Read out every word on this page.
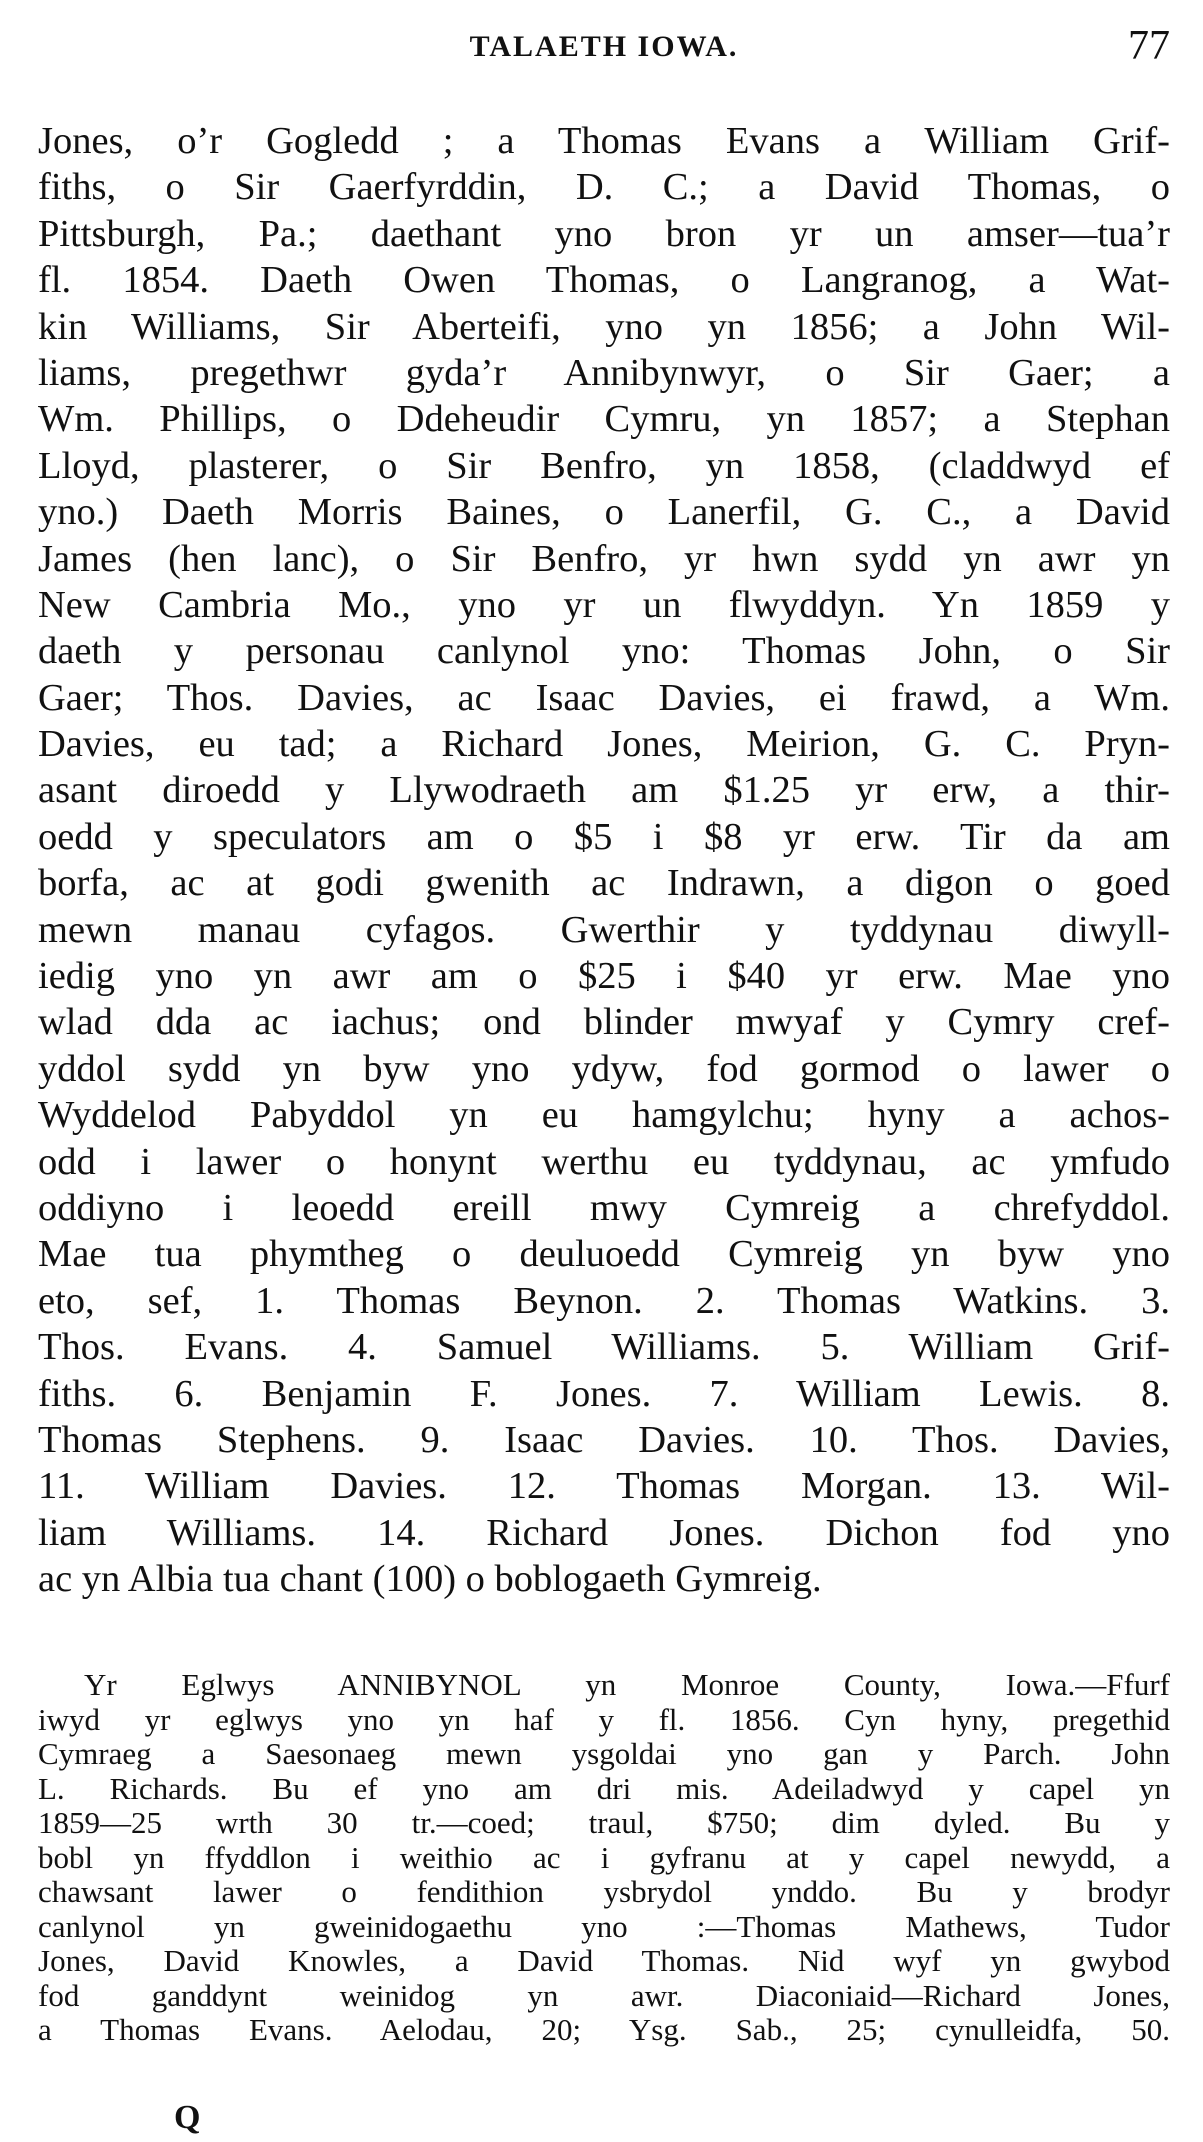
TALAETH IOWA.	77
Jones, o’r Gogledd ; a Thomas Evans a William Grif-
fiths, o Sir Gaerfyrddin, D. C.; a David Thomas, o
Pittsburgh, Pa.; daethant yno bron yr un amser—tua’r
fl. 1854. Daeth Owen Thomas, o Langranog, a Wat-
kin Williams, Sir Aberteifi, yno yn 1856; a John Wil-
liams, pregethwr gyda’r Annibynwyr, o Sir Gaer; a
Wm. Phillips, o Ddeheudir Cymru, yn 1857; a Stephan
Lloyd, plasterer, o Sir Benfro, yn 1858, (claddwyd ef
yno.) Daeth Morris Baines, o Lanerfil, G. C., a David
James (hen lanc), o Sir Benfro, yr hwn sydd yn awr yn
New Cambria Mo., yno yr un flwyddyn. Yn 1859 y
daeth y personau canlynol yno: Thomas John, o Sir
Gaer; Thos. Davies, ac Isaac Davies, ei frawd, a Wm.
Davies, eu tad; a Richard Jones, Meirion, G. C. Pryn-
asant diroedd y Llywodraeth am $1.25 yr erw, a thir-
oedd y speculators am o $5 i $8 yr erw. Tir da am
borfa, ac at godi gwenith ac Indrawn, a digon o goed
mewn manau cyfagos. Gwerthir y tyddynau diwyll-
iedig yno yn awr am o $25 i $40 yr erw. Mae yno
wlad dda ac iachus; ond blinder mwyaf y Cymry cref-
yddol sydd yn byw yno ydyw, fod gormod o lawer o
Wyddelod Pabyddol yn eu hamgylchu; hyny a achos-
odd i lawer o honynt werthu eu tyddynau, ac ymfudo
oddiyno i leoedd ereill mwy Cymreig a chrefyddol.
Mae tua phymtheg o deuluoedd Cymreig yn byw yno
eto, sef, 1. Thomas Beynon. 2. Thomas Watkins. 3.
Thos. Evans. 4. Samuel Williams. 5. William Grif-
fiths. 6. Benjamin F. Jones. 7. William Lewis. 8.
Thomas Stephens. 9. Isaac Davies. 10. Thos. Davies,
11. William Davies. 12. Thomas Morgan. 13. Wil-
liam Williams. 14. Richard Jones. Dichon fod yno
ac yn Albia tua chant (100) o boblogaeth Gymreig.
Yr Eglwys ANNIBYNOL yn Monroe County, Iowa.—Ffurf
iwyd yr eglwys yno yn haf y fl. 1856. Cyn hyny, pregethid
Cymraeg a Saesonaeg mewn ysgoldai yno gan y Parch. John
L. Richards. Bu ef yno am dri mis. Adeiladwyd y capel yn
1859—25 wrth 30 tr.—coed; traul, $750; dim dyled. Bu y
bobl yn ffyddlon i weithio ac i gyfranu at y capel newydd, a
chawsant lawer o fendithion ysbrydol ynddo. Bu y brodyr
canlynol yn gweinidogaethu yno :—Thomas Mathews, Tudor
Jones, David Knowles, a David Thomas. Nid wyf yn gwybod
fod ganddynt weinidog yn awr. Diaconiaid—Richard Jones,
a Thomas Evans. Aelodau, 20; Ysg. Sab., 25; cynulleidfa, 50.
Q
